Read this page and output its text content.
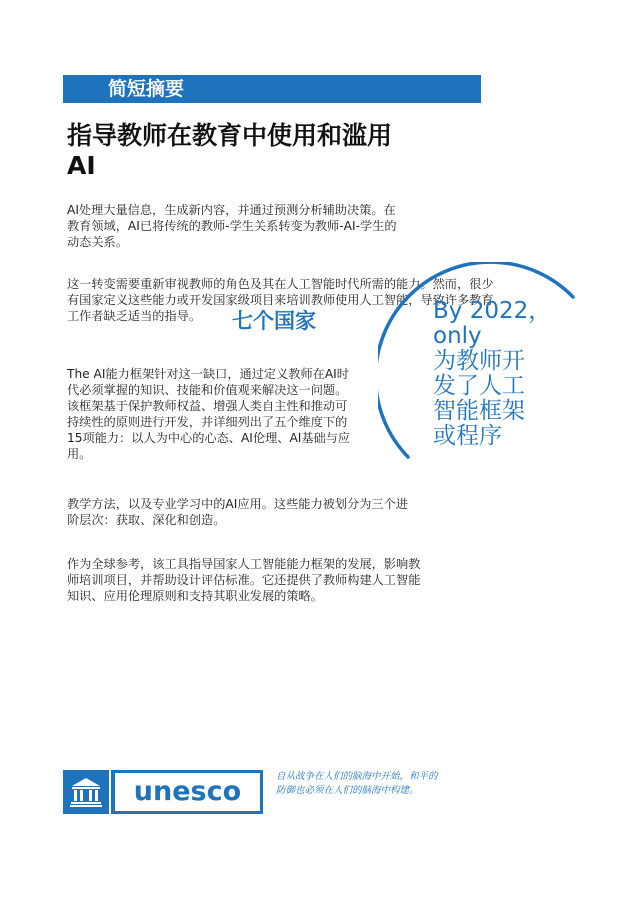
简短摘要
指导教师在教育中使用和滥用
AI
AI处理大量信息，生成新内容，并通过预测分析辅助决策。在
教育领域，AI已将传统的教师-学生关系转变为教师-AI-学生的
动态关系。
这一转变需要重新审视教师的角色及其在人工智能时代所需的能力。然而，很少
有国家定义这些能力或开发国家级项目来培训教师使用人工智能，导致许多教育
工作者缺乏适当的指导。
The AI能力框架针对这一缺口，通过定义教师在AI时
代必须掌握的知识、技能和价值观来解决这一问题。
该框架基于保护教师权益、增强人类自主性和推动可
持续性的原则进行开发，并详细列出了五个维度下的
15项能力：以人为中心的心态、AI伦理、AI基础与应
用。
教学方法，以及专业学习中的AI应用。这些能力被划分为三个进
阶层次：获取、深化和创造。
作为全球参考，该工具指导国家人工智能能力框架的发展，影响教
师培训项目，并帮助设计评估标准。它还提供了教师构建人工智能
知识、应用伦理原则和支持其职业发展的策略。
By 2022，
only
为教师开
发了人工
智能框架
或程序
七个国家
unesco	自从战争在人们的脑海中开始，和平的
防御也必须在人们的脑海中构建。
